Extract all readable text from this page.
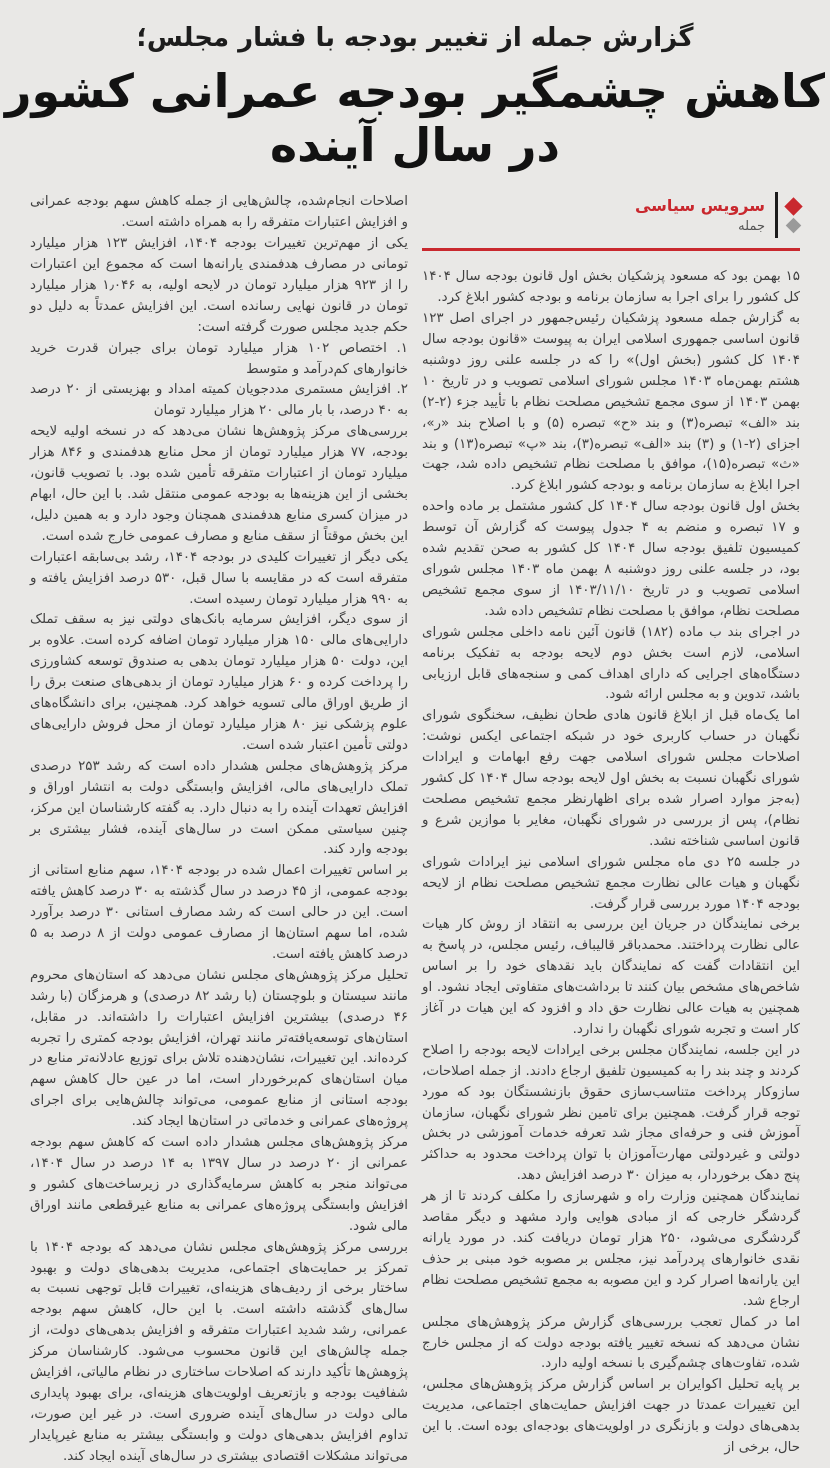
گزارش جمله از تغییر بودجه با فشار مجلس؛
کاهش چشمگیر بودجه عمرانی کشور
در سال آینده
سرویس سیاسی
جمله

۱۵ بهمن بود که مسعود پزشکیان بخش اول قانون بودجه سال ۱۴۰۴ کل کشور را برای اجرا به سازمان برنامه و بودجه کشور ابلاغ کرد.

به گزارش جمله مسعود پزشکیان رئیس‌جمهور در اجرای اصل ۱۲۳ قانون اساسی جمهوری اسلامی ایران به پیوست «قانون بودجه سال ۱۴۰۴ کل کشور (بخش اول)» را که در جلسه علنی روز دوشنبه هشتم بهمن‌ماه ۱۴۰۳ مجلس شورای اسلامی تصویب و در تاریخ ۱۰ بهمن ۱۴۰۳ از سوی مجمع تشخیص مصلحت نظام با تأیید جزء (۲-۲) بند «الف» تبصره(۳) و بند «ح» تبصره (۵) و با اصلاح بند «ر»، اجزای (۲-۱) و (۳) بند «الف» تبصره(۳)، بند «پ» تبصره(۱۳) و بند «ث» تبصره(۱۵)، موافق با مصلحت نظام تشخیص داده شد، جهت اجرا ابلاغ به سازمان برنامه و بودجه کشور ابلاغ کرد.

بخش اول قانون بودجه سال ۱۴۰۴ کل کشور مشتمل بر ماده واحده و ۱۷ تبصره و منضم به ۴ جدول پیوست که گزارش آن توسط کمیسیون تلفیق بودجه سال ۱۴۰۴ کل کشور به صحن تقدیم شده بود، در جلسه علنی روز دوشنبه ۸ بهمن ماه ۱۴۰۳ مجلس شورای اسلامی تصویب و در تاریخ ۱۴۰۳/۱۱/۱۰ از سوی مجمع تشخیص مصلحت نظام، موافق با مصلحت نظام تشخیص داده شد.

در اجرای بند ب ماده (۱۸۲) قانون آئین نامه داخلی مجلس شورای اسلامی، لازم است بخش دوم لایحه بودجه به تفکیک برنامه دستگاه‌های اجرایی که دارای اهداف کمی و سنجه‌های قابل ارزیابی باشد، تدوین و به مجلس ارائه شود.

اما یک‌ماه قبل از ابلاغ قانون هادی طحان نظیف، سخنگوی شورای نگهبان در حساب کاربری خود در شبکه اجتماعی ایکس نوشت: اصلاحات مجلس شورای اسلامی جهت رفع ابهامات و ایرادات شورای نگهبان نسبت به بخش اول لایحه بودجه سال ۱۴۰۴ کل کشور (به‌جز موارد اصرار شده برای اظهارنظر مجمع تشخیص مصلحت نظام)، پس از بررسی در شورای نگهبان، مغایر با موازین شرع و قانون اساسی شناخته نشد.

در جلسه ۲۵ دی ماه مجلس شورای اسلامی نیز ایرادات شورای نگهبان و هیات عالی نظارت مجمع تشخیص مصلحت نظام از لایحه بودجه ۱۴۰۴ مورد بررسی قرار گرفت.

برخی نمایندگان در جریان این بررسی به انتقاد از روش کار هیات عالی نظارت پرداختند. محمدباقر قالیباف، رئیس مجلس، در پاسخ به این انتقادات گفت که نمایندگان باید نقدهای خود را بر اساس شاخص‌های مشخص بیان کنند تا برداشت‌های متفاوتی ایجاد نشود. او همچنین به هیات عالی نظارت حق داد و افزود که این هیات در آغاز کار است و تجربه شورای نگهبان را ندارد.

در این جلسه، نمایندگان مجلس برخی ایرادات لایحه بودجه را اصلاح کردند و چند بند را به کمیسیون تلفیق ارجاع دادند. از جمله اصلاحات، سازوکار پرداخت متناسب‌سازی حقوق بازنشستگان بود که مورد توجه قرار گرفت. همچنین برای تامین نظر شورای نگهبان، سازمان آموزش فنی و حرفه‌ای مجاز شد تعرفه خدمات آموزشی در بخش دولتی و غیردولتی مهارت‌آموزان با توان پرداخت محدود به حداکثر پنج دهک برخوردار، به میزان ۳۰ درصد افزایش دهد.

نمایندگان همچنین وزارت راه و شهرسازی را مکلف کردند تا از هر گردشگر خارجی که از مبادی هوایی وارد مشهد و دیگر مقاصد گردشگری می‌شود، ۲۵۰ هزار تومان دریافت کند. در مورد یارانه نقدی خانوارهای پردرآمد نیز، مجلس بر مصوبه خود مبنی بر حذف این یارانه‌ها اصرار کرد و این مصوبه به مجمع تشخیص مصلحت نظام ارجاع شد.

اما در کمال تعجب بررسی‌های گزارش مرکز پژوهش‌های مجلس نشان می‌دهد که نسخه تغییر یافته بودجه دولت که از مجلس خارج شده، تفاوت‌های چشم‌گیری با نسخه اولیه دارد.

بر پایه تحلیل اکوایران بر اساس گزارش مرکز پژوهش‌های مجلس، این تغییرات عمدتا در جهت افزایش حمایت‌های اجتماعی، مدیریت بدهی‌های دولت و بازنگری در اولویت‌های بودجه‌ای بوده است. با این حال، برخی از

اصلاحات انجام‌شده، چالش‌هایی از جمله کاهش سهم بودجه عمرانی و افزایش اعتبارات متفرقه را به همراه داشته است.

یکی از مهم‌ترین تغییرات بودجه ۱۴۰۴، افزایش ۱۲۳ هزار میلیارد تومانی در مصارف هدفمندی یارانه‌ها است که مجموع این اعتبارات را از ۹۲۳ هزار میلیارد تومان در لایحه اولیه، به ۱٫۰۴۶ هزار میلیارد تومان در قانون نهایی رسانده است. این افزایش عمدتاً به دلیل دو حکم جدید مجلس صورت گرفته است:

۱. اختصاص ۱۰۲ هزار میلیارد تومان برای جبران قدرت خرید خانوارهای کم‌درآمد و متوسط

۲. افزایش مستمری مددجویان کمیته امداد و بهزیستی از ۲۰ درصد به ۴۰ درصد، با بار مالی ۲۰ هزار میلیارد تومان

بررسی‌های مرکز پژوهش‌ها نشان می‌دهد که در نسخه اولیه لایحه بودجه، ۷۷ هزار میلیارد تومان از محل منابع هدفمندی و ۸۴۶ هزار میلیارد تومان از اعتبارات متفرقه تأمین شده بود. با تصویب قانون، بخشی از این هزینه‌ها به بودجه عمومی منتقل شد. با این حال، ابهام در میزان کسری منابع هدفمندی همچنان وجود دارد و به همین دلیل، این بخش موقتاً از سقف منابع و مصارف عمومی خارج شده است.

یکی دیگر از تغییرات کلیدی در بودجه ۱۴۰۴، رشد بی‌سابقه اعتبارات متفرقه است که در مقایسه با سال قبل، ۵۳۰ درصد افزایش یافته و به ۹۹۰ هزار میلیارد تومان رسیده است.

از سوی دیگر، افزایش سرمایه بانک‌های دولتی نیز به سقف تملک دارایی‌های مالی ۱۵۰ هزار میلیارد تومان اضافه کرده است. علاوه بر این، دولت ۵۰ هزار میلیارد تومان بدهی به صندوق توسعه کشاورزی را پرداخت کرده و ۶۰ هزار میلیارد تومان از بدهی‌های صنعت برق را از طریق اوراق مالی تسویه خواهد کرد. همچنین، برای دانشگاه‌های علوم پزشکی نیز ۸۰ هزار میلیارد تومان از محل فروش دارایی‌های دولتی تأمین اعتبار شده است.

مرکز پژوهش‌های مجلس هشدار داده است که رشد ۲۵۳ درصدی تملک دارایی‌های مالی، افزایش وابستگی دولت به انتشار اوراق و افزایش تعهدات آینده را به دنبال دارد. به گفته کارشناسان این مرکز، چنین سیاستی ممکن است در سال‌های آینده، فشار بیشتری بر بودجه وارد کند.

بر اساس تغییرات اعمال شده در بودجه ۱۴۰۴، سهم منابع استانی از بودجه عمومی، از ۴۵ درصد در سال گذشته به ۳۰ درصد کاهش یافته است. این در حالی است که رشد مصارف استانی ۳۰ درصد برآورد شده، اما سهم استان‌ها از مصارف عمومی دولت از ۸ درصد به ۵ درصد کاهش یافته است.

تحلیل مرکز پژوهش‌های مجلس نشان می‌دهد که استان‌های محروم مانند سیستان و بلوچستان (با رشد ۸۲ درصدی) و هرمزگان (با رشد ۴۶ درصدی) بیشترین افزایش اعتبارات را داشته‌اند. در مقابل، استان‌های توسعه‌یافته‌تر مانند تهران، افزایش بودجه کمتری را تجربه کرده‌اند. این تغییرات، نشان‌دهنده تلاش برای توزیع عادلانه‌تر منابع در میان استان‌های کم‌برخوردار است، اما در عین حال کاهش سهم بودجه استانی از منابع عمومی، می‌تواند چالش‌هایی برای اجرای پروژه‌های عمرانی و خدماتی در استان‌ها ایجاد کند.

مرکز پژوهش‌های مجلس هشدار داده است که کاهش سهم بودجه عمرانی از ۲۰ درصد در سال ۱۳۹۷ به ۱۴ درصد در سال ۱۴۰۴، می‌تواند منجر به کاهش سرمایه‌گذاری در زیرساخت‌های کشور و افزایش وابستگی پروژه‌های عمرانی به منابع غیرقطعی مانند اوراق مالی شود.

بررسی مرکز پژوهش‌های مجلس نشان می‌دهد که بودجه ۱۴۰۴ با تمرکز بر حمایت‌های اجتماعی، مدیریت بدهی‌های دولت و بهبود ساختار برخی از ردیف‌های هزینه‌ای، تغییرات قابل توجهی نسبت به سال‌های گذشته داشته است. با این حال، کاهش سهم بودجه عمرانی، رشد شدید اعتبارات متفرقه و افزایش بدهی‌های دولت، از جمله چالش‌های این قانون محسوب می‌شود. کارشناسان مرکز پژوهش‌ها تأکید دارند که اصلاحات ساختاری در نظام مالیاتی، افزایش شفافیت بودجه و بازتعریف اولویت‌های هزینه‌ای، برای بهبود پایداری مالی دولت در سال‌های آینده ضروری است. در غیر این صورت، تداوم افزایش بدهی‌های دولت و وابستگی بیشتر به منابع غیرپایدار می‌تواند مشکلات اقتصادی بیشتری در سال‌های آینده ایجاد کند.
